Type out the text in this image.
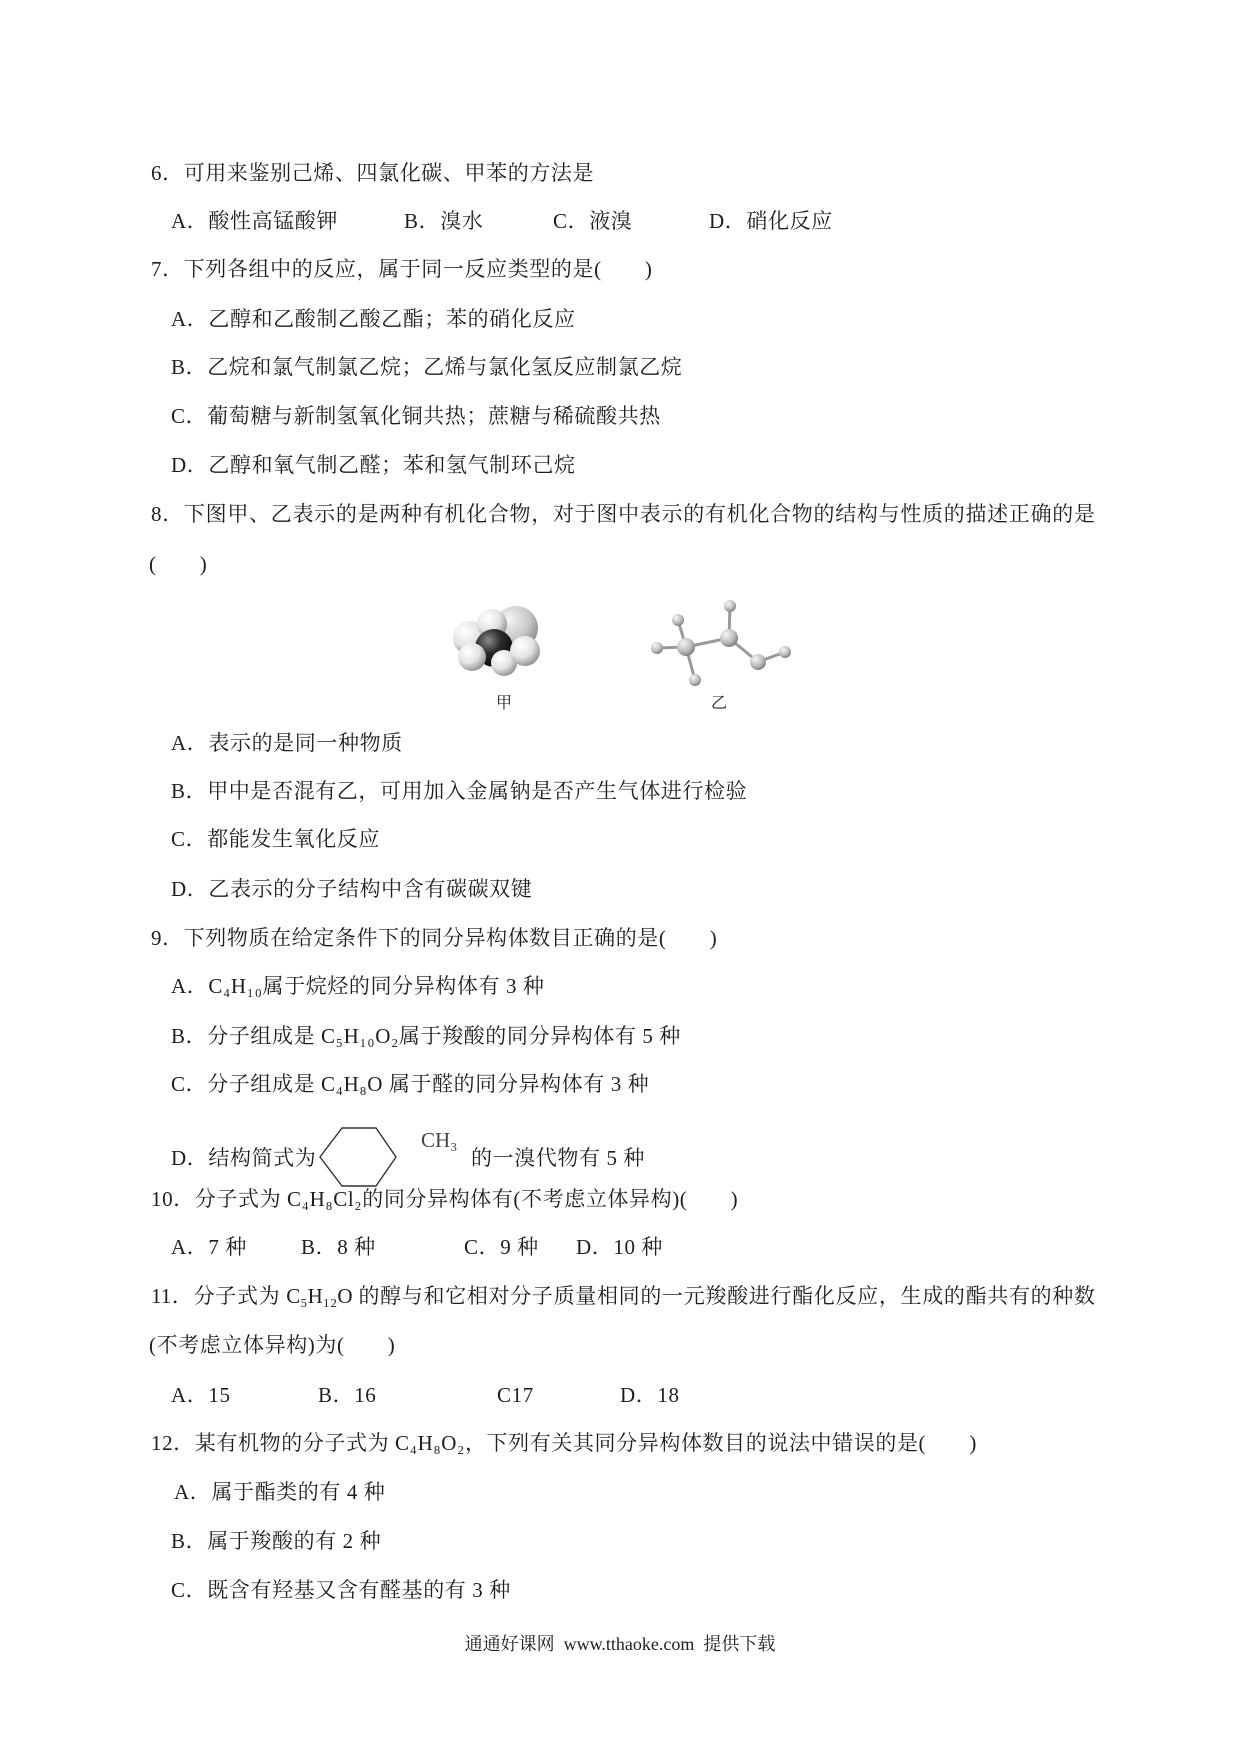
6．可用来鉴别己烯、四氯化碳、甲苯的方法是
A．酸性高锰酸钾	B．溴水	C．液溴	D．硝化反应
7．下列各组中的反应，属于同一反应类型的是(　　)
A．乙醇和乙酸制乙酸乙酯；苯的硝化反应
B．乙烷和氯气制氯乙烷；乙烯与氯化氢反应制氯乙烷
C．葡萄糖与新制氢氧化铜共热；蔗糖与稀硫酸共热
D．乙醇和氧气制乙醛；苯和氢气制环己烷
8．下图甲、乙表示的是两种有机化合物，对于图中表示的有机化合物的结构与性质的描述正确的是
(　　)
甲	乙
A．表示的是同一种物质
B．甲中是否混有乙，可用加入金属钠是否产生气体进行检验
C．都能发生氧化反应
D．乙表示的分子结构中含有碳碳双键
9．下列物质在给定条件下的同分异构体数目正确的是(　　)
A．C₄H₁₀属于烷烃的同分异构体有 3 种
B．分子组成是 C₅H₁₀O₂属于羧酸的同分异构体有 5 种
C．分子组成是 C₄H₈O 属于醛的同分异构体有 3 种
D．结构简式为
CH₃
的一溴代物有 5 种
10．分子式为 C₄H₈Cl₂的同分异构体有(不考虑立体异构)(　　)
A．7 种	B．8 种	C．9 种 D．10 种
11．分子式为 C₅H₁₂O 的醇与和它相对分子质量相同的一元羧酸进行酯化反应，生成的酯共有的种数
(不考虑立体异构)为(　　)
A．15	B．16	C17	D．18
12．某有机物的分子式为 C₄H₈O₂，下列有关其同分异构体数目的说法中错误的是(　　)
A．属于酯类的有 4 种
B．属于羧酸的有 2 种
C．既含有羟基又含有醛基的有 3 种
通通好课网  www.tthaoke.com  提供下载
